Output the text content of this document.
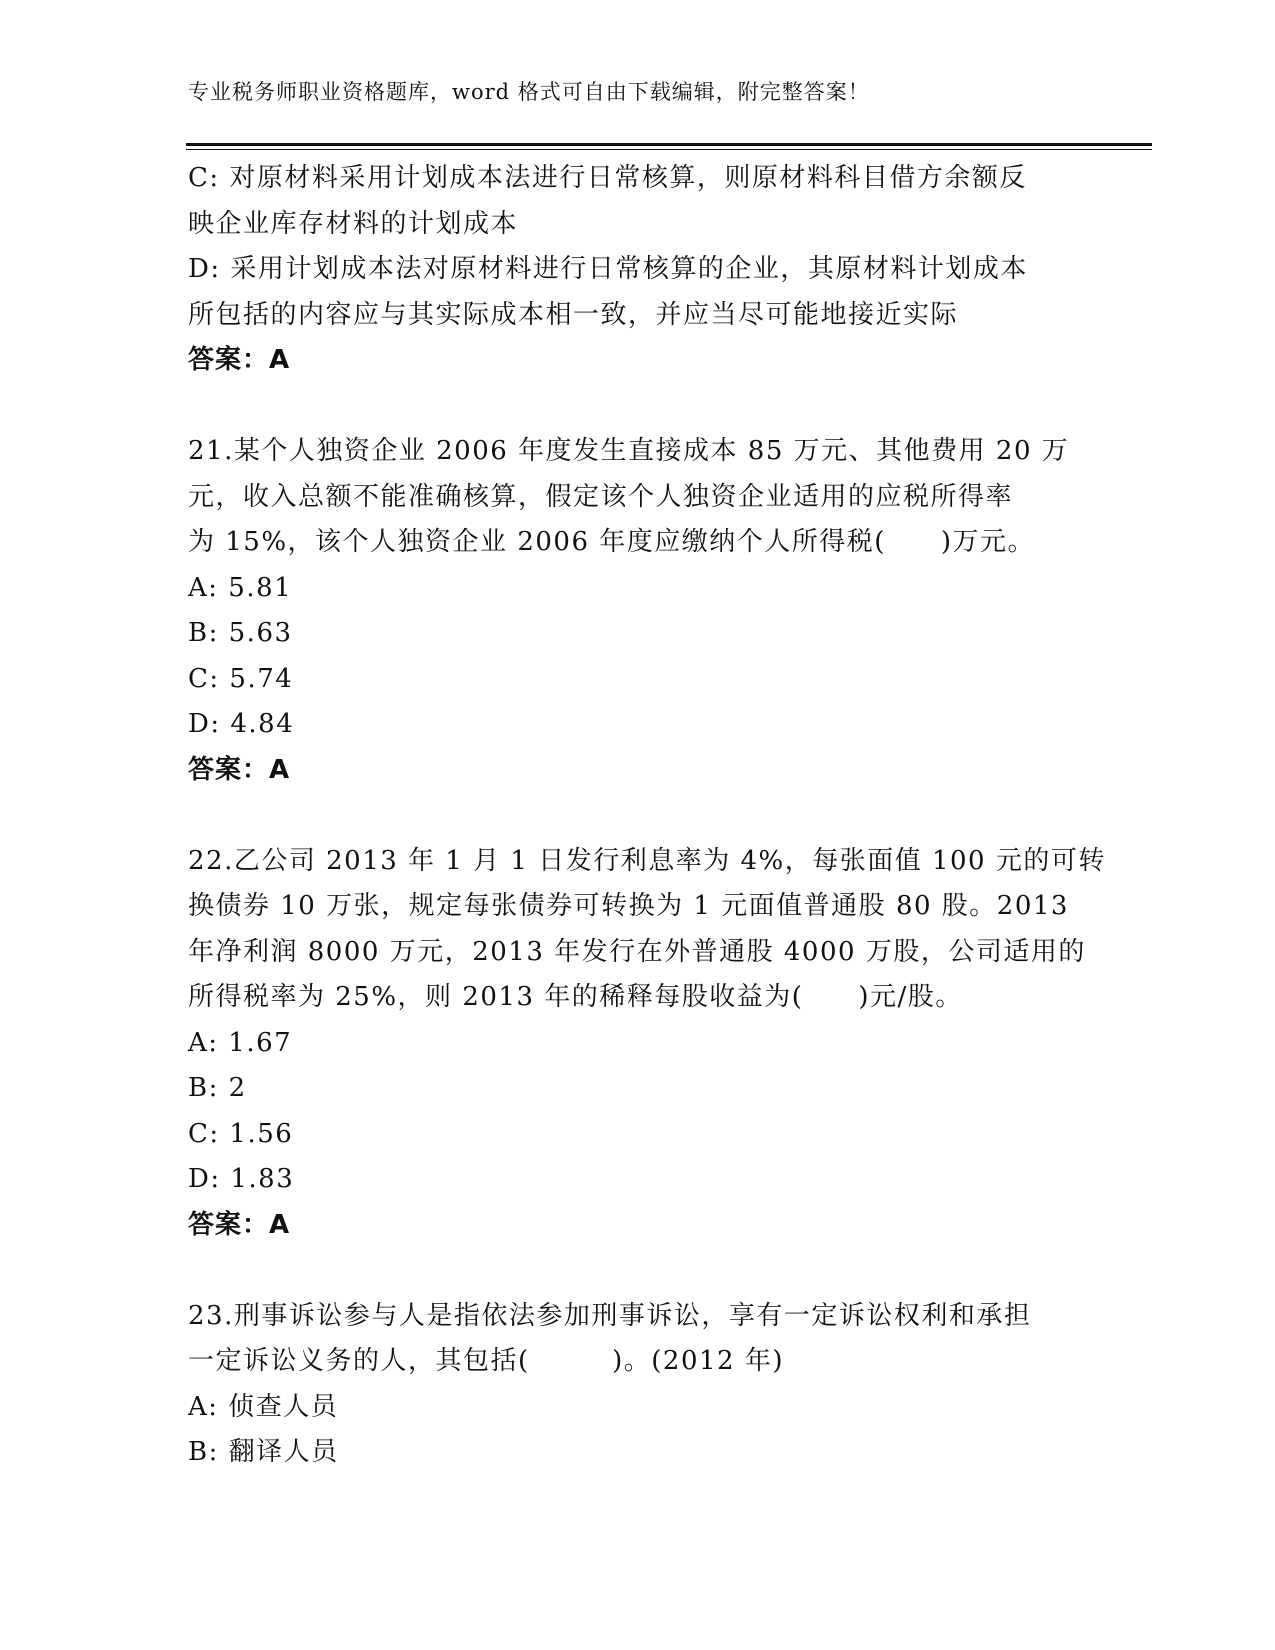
专业税务师职业资格题库，word 格式可自由下载编辑，附完整答案！
C: 对原材料采用计划成本法进行日常核算，则原材料科目借方余额反
映企业库存材料的计划成本
D: 采用计划成本法对原材料进行日常核算的企业，其原材料计划成本
所包括的内容应与其实际成本相一致，并应当尽可能地接近实际
答案：A
21.某个人独资企业 2006 年度发生直接成本 85 万元、其他费用 20 万
元，收入总额不能准确核算，假定该个人独资企业适用的应税所得率
为 15%，该个人独资企业 2006 年度应缴纳个人所得税(　　)万元。
A: 5.81
B: 5.63
C: 5.74
D: 4.84
答案：A
22.乙公司 2013 年 1 月 1 日发行利息率为 4%，每张面值 100 元的可转
换债券 10 万张，规定每张债券可转换为 1 元面值普通股 80 股。2013
年净利润 8000 万元，2013 年发行在外普通股 4000 万股，公司适用的
所得税率为 25%，则 2013 年的稀释每股收益为(　　)元/股。
A: 1.67
B: 2
C: 1.56
D: 1.83
答案：A
23.刑事诉讼参与人是指依法参加刑事诉讼，享有一定诉讼权利和承担
一定诉讼义务的人，其包括(　　　)。(2012 年)
A: 侦查人员
B: 翻译人员
